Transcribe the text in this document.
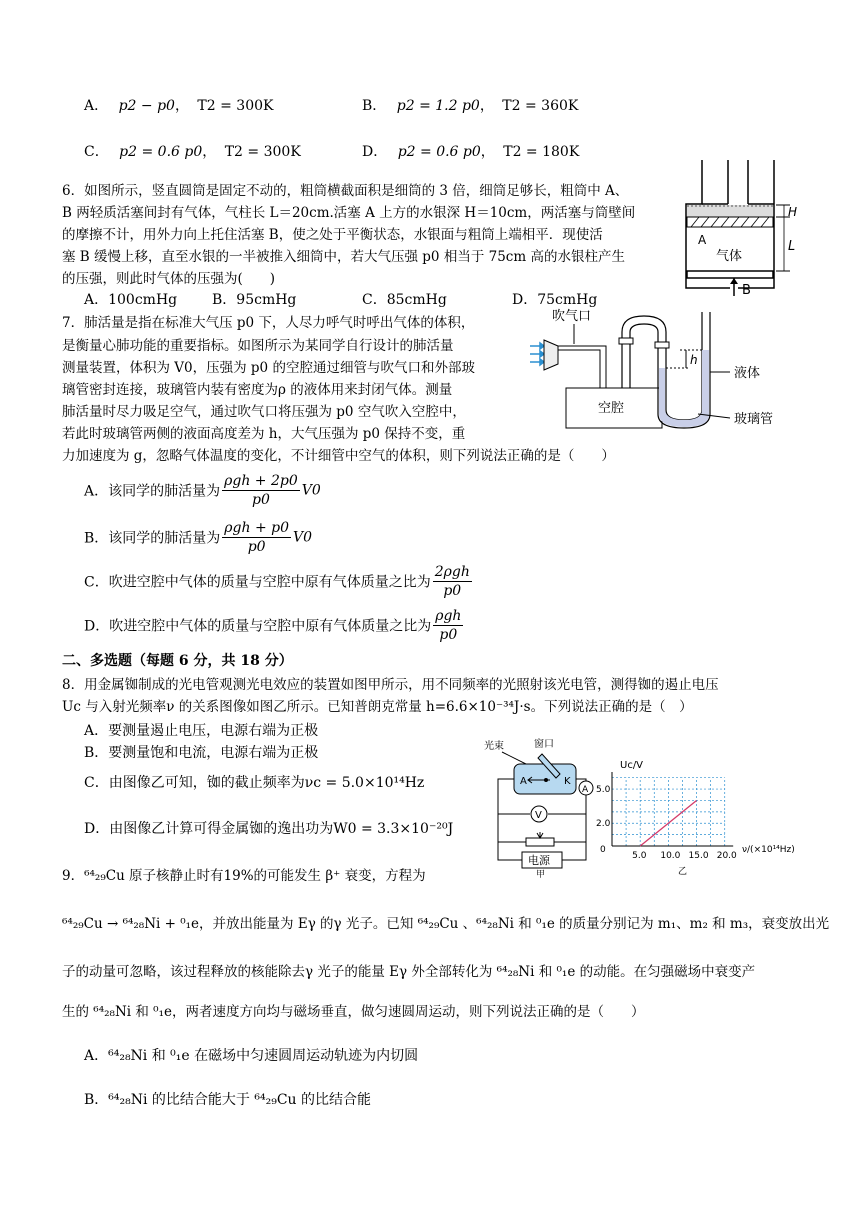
A． p2 − p0， T2 = 300K	B． p2 = 1.2 p0， T2 = 360K
C． p2 = 0.6 p0， T2 = 300K	D． p2 = 0.6 p0， T2 = 180K
6．如图所示，竖直圆筒是固定不动的，粗筒横截面积是细筒的 3 倍，细筒足够长，粗筒中 A、
B 两轻质活塞间封有气体，气柱长 L＝20cm.活塞 A 上方的水银深 H＝10cm，两活塞与筒壁间
的摩擦不计，用外力向上托住活塞 B，使之处于平衡状态，水银面与粗筒上端相平．现使活
塞 B 缓慢上移，直至水银的一半被推入细筒中，若大气压强 p0 相当于 75cm 高的水银柱产生
的压强，则此时气体的压强为(　　)
A．100cmHg B．95cmHg	C．85cmHg	D．75cmHg
A
气体
B
H
L
7．肺活量是指在标准大气压 p0 下，人尽力呼气时呼出气体的体积，
是衡量心肺功能的重要指标。如图所示为某同学自行设计的肺活量
测量装置，体积为 V0，压强为 p0 的空腔通过细管与吹气口和外部玻
璃管密封连接，玻璃管内装有密度为ρ 的液体用来封闭气体。测量
肺活量时尽力吸足空气，通过吹气口将压强为 p0 空气吹入空腔中，
若此时玻璃管两侧的液面高度差为 h，大气压强为 p0 保持不变，重
力加速度为 g，忽略气体温度的变化，不计细管中空气的体积，则下列说法正确的是（　　）
A．该同学的肺活量为 $\frac{\text{ρgh + 2p0}}{p0} V0$
B．该同学的肺活量为 $\frac{\text{ρgh + p0}}{p0} V0$
C．吹进空腔中气体的质量与空腔中原有气体质量之比为 $\frac{\text{2ρgh}}{p0}$
D．吹进空腔中气体的质量与空腔中原有气体质量之比为 $\frac{\text{ρgh}}{p0}$
吹气口
空腔
h
液体
玻璃管
二、多选题（每题 6 分，共 18 分）
8．用金属铷制成的光电管观测光电效应的装置如图甲所示，用不同频率的光照射该光电管，测得铷的遏止电压
Uc 与入射光频率ν 的关系图像如图乙所示。已知普朗克常量 h=6.6×10⁻³⁴J·s。下列说法正确的是（　）
A．要测量遏止电压，电源右端为正极
B．要测量饱和电流，电源右端为正极
C．由图像乙可知，铷的截止频率为νc = 5.0×10¹⁴Hz
D．由图像乙计算可得金属铷的逸出功为W0 = 3.3×10⁻²⁰J
光束	窗口
A	K
V
A
电源
甲
Uc/V
ν/(×10¹⁴Hz)
0
乙
5.0 10.0 15.0 20.0
2.0
5.0
9．⁶⁴₂₉Cu 原子核静止时有19%的可能发生 β⁺ 衰变，方程为
⁶⁴₂₉Cu → ⁶⁴₂₈Ni + ⁰₁e，并放出能量为 Eγ 的γ 光子。已知 ⁶⁴₂₉Cu 、⁶⁴₂₈Ni 和 ⁰₁e 的质量分别记为 m₁、m₂ 和 m₃，衰变放出光
子的动量可忽略，该过程释放的核能除去γ 光子的能量 Eγ 外全部转化为 ⁶⁴₂₈Ni 和 ⁰₁e 的动能。在匀强磁场中衰变产
生的 ⁶⁴₂₈Ni 和 ⁰₁e，两者速度方向均与磁场垂直，做匀速圆周运动，则下列说法正确的是（　　）
A．⁶⁴₂₈Ni 和 ⁰₁e 在磁场中匀速圆周运动轨迹为内切圆
B．⁶⁴₂₈Ni 的比结合能大于 ⁶⁴₂₉Cu 的比结合能
